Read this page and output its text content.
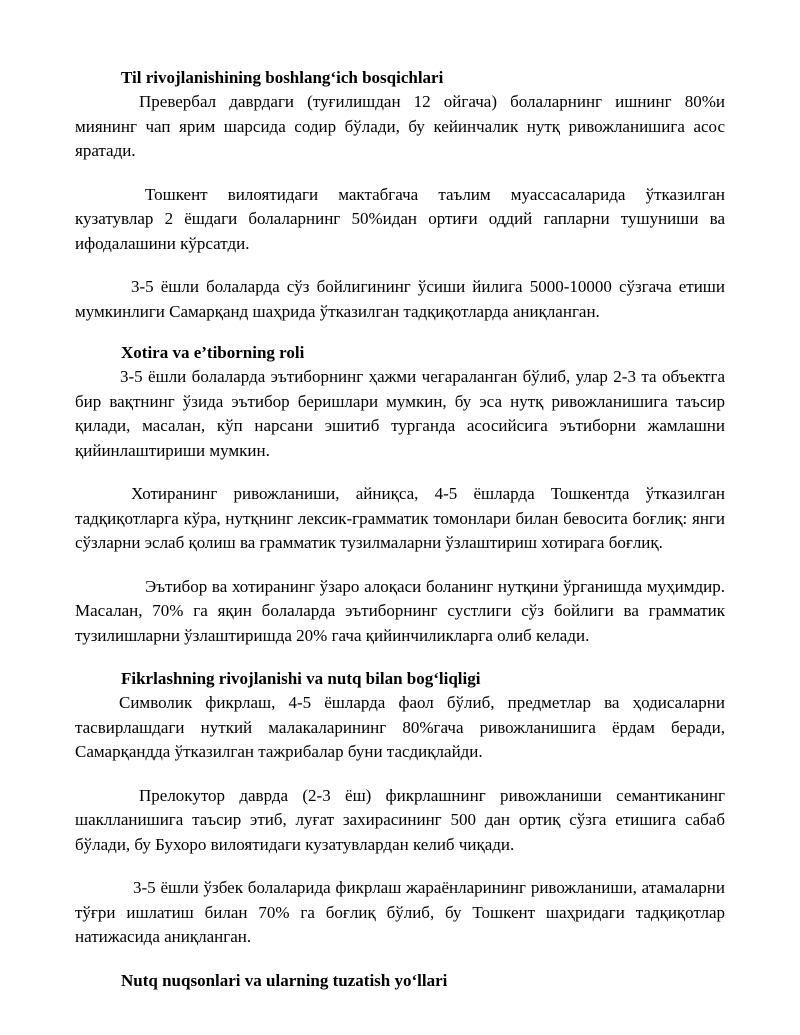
Til rivojlanishining boshlang‘ich bosqichlari

Превербал даврдаги (туғилишдан 12 ойгача) болаларнинг ишнинг 80%и миянинг чап ярим шарсида содир бўлади, бу кейинчалик нутқ ривожланишига асос яратади.

Тошкент вилоятидаги мактабгача таълим муассасаларида ўтказилган кузатувлар 2 ёшдаги болаларнинг 50%идан ортиғи оддий гапларни тушуниши ва ифодалашини кўрсатди.

3-5 ёшли болаларда сўз бойлигининг ўсиши йилига 5000-10000 сўзгача етиши мумкинлиги Самарқанд шаҳрида ўтказилган тадқиқотларда аниқланган.

Xotira va e’tiborning roli

3-5 ёшли болаларда эътиборнинг ҳажми чегараланган бўлиб, улар 2-3 та объектга бир вақтнинг ўзида эътибор беришлари мумкин, бу эса нутқ ривожланишига таъсир қилади, масалан, кўп нарсани эшитиб турганда асосийсига эътиборни жамлашни қийинлаштириши мумкин.

Хотиранинг ривожланиши, айниқса, 4-5 ёшларда Тошкентда ўтказилган тадқиқотларга кўра, нутқнинг лексик-грамматик томонлари билан бевосита боғлиқ: янги сўзларни эслаб қолиш ва грамматик тузилмаларни ўзлаштириш хотирага боғлиқ.

Эътибор ва хотиранинг ўзаро алоқаси боланинг нутқини ўрганишда муҳимдир. Масалан, 70% га яқин болаларда эътиборнинг сустлиги сўз бойлиги ва грамматик тузилишларни ўзлаштиришда 20% гача қийинчиликларга олиб келади.

Fikrlashning rivojlanishi va nutq bilan bog‘liqligi

Символик фикрлаш, 4-5 ёшларда фаол бўлиб, предметлар ва ҳодисаларни тасвирлашдаги нуткий малакаларининг 80%гача ривожланишига ёрдам беради, Самарқандда ўтказилган тажрибалар буни тасдиқлайди.

Прелокутор даврда (2-3 ёш) фикрлашнинг ривожланиши семантиканинг шаклланишига таъсир этиб, луғат захирасининг 500 дан ортиқ сўзга етишига сабаб бўлади, бу Бухоро вилоятидаги кузатувлардан келиб чиқади.

3-5 ёшли ўзбек болаларида фикрлаш жараёнларининг ривожланиши, атамаларни тўғри ишлатиш билан 70% га боғлиқ бўлиб, бу Тошкент шаҳридаги тадқиқотлар натижасида аниқланган.

Nutq nuqsonlari va ularning tuzatish yo‘llari
